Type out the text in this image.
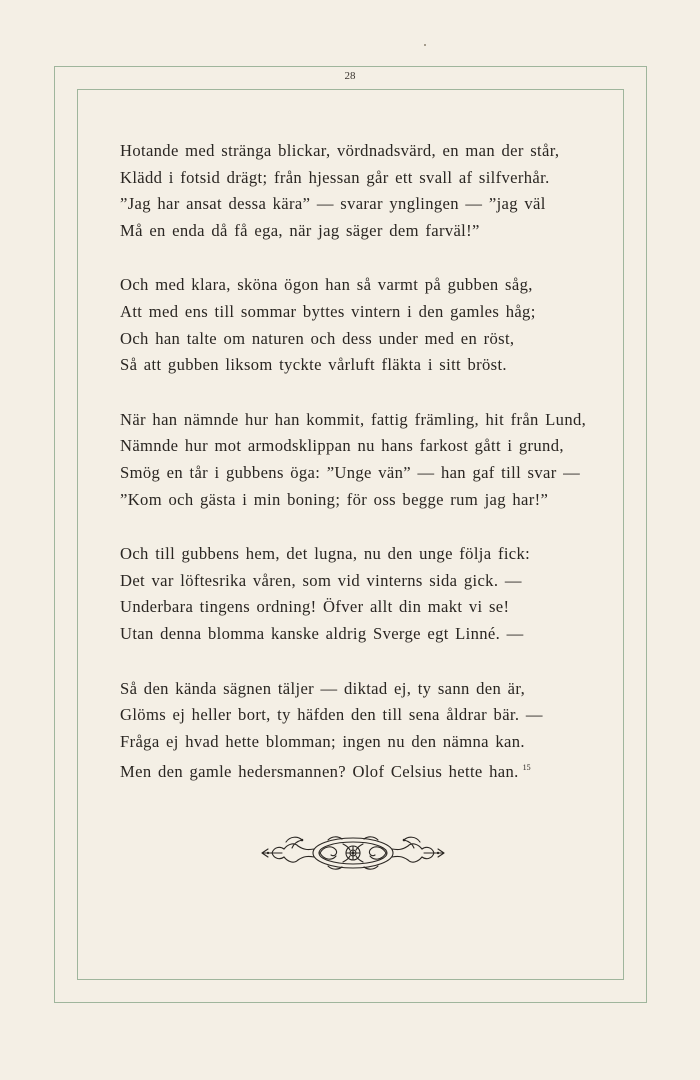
28
Hotande med stränga blickar, vördnadsvärd, en man der står,
Klädd i fotsid drägt; från hjessan går ett svall af silfverhår.
”Jag har ansat dessa kära” — svarar ynglingen — ”jag väl
Må en enda då få ega, när jag säger dem farväl!”
Och med klara, sköna ögon han så varmt på gubben såg,
Att med ens till sommar byttes vintern i den gamles håg;
Och han talte om naturen och dess under med en röst,
Så att gubben liksom tyckte vårluft fläkta i sitt bröst.
När han nämnde hur han kommit, fattig främling, hit från Lund,
Nämnde hur mot armodsklippan nu hans farkost gått i grund,
Smög en tår i gubbens öga: ”Unge vän” — han gaf till svar —
”Kom och gästa i min boning; för oss begge rum jag har!”
Och till gubbens hem, det lugna, nu den unge följa fick:
Det var löftesrika våren, som vid vinterns sida gick. —
Underbara tingens ordning! Öfver allt din makt vi se!
Utan denna blomma kanske aldrig Sverge egt Linné. —
Så den kända sägnen täljer — diktad ej, ty sann den är,
Glöms ej heller bort, ty häfden den till sena åldrar bär. —
Fråga ej hvad hette blomman; ingen nu den nämna kan.
Men den gamle hedersmannen? Olof Celsius hette han. $^{15}$
